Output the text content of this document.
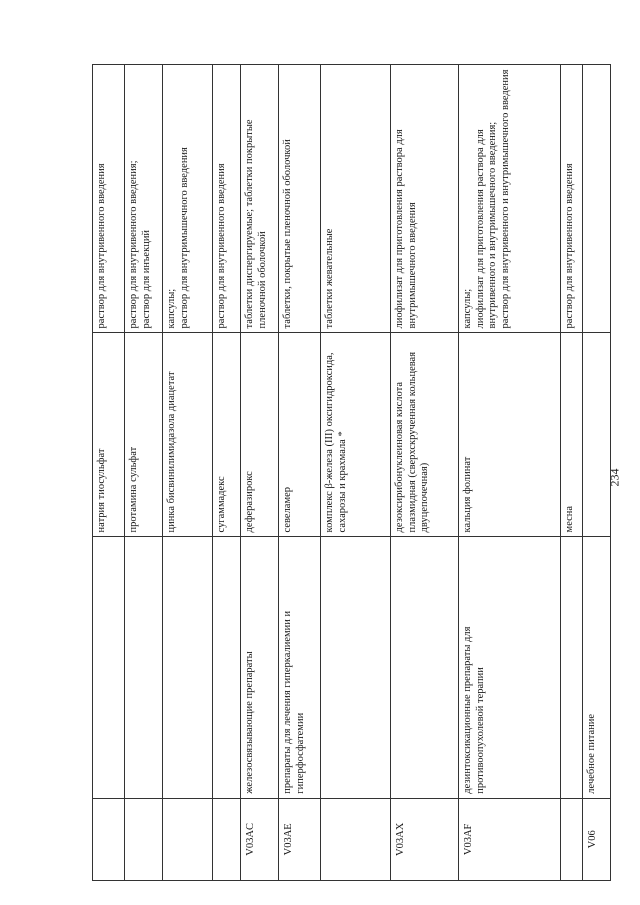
		натрия тиосульфат	раствор для внутривенного введения
		протамина сульфат	раствор для внутривенного введения;
раствор для инъекций
		цинка бисвинилимидазола диацетат	капсулы;
раствор для внутримышечного введения
		сугаммадекс	раствор для внутривенного введения
V03AC	железосвязывающие препараты	деферазирокс	таблетки диспергируемые; таблетки покрытые пленочной оболочкой
V03AE	препараты для лечения гиперкалиемии и гиперфосфатемии	севеламер	таблетки, покрытые пленочной оболочкой
		комплекс β-железа (III) оксигидроксида, сахарозы и крахмала *	таблетки жевательные
V03AX		дезоксирибонуклеиновая кислота плазмидная (сверхскрученная кольцевая двуцепочечная)	лиофилизат для приготовления раствора для внутримышечного введения
V03AF	дезинтоксикационные препараты для противоопухолевой терапии	кальция фолинат	капсулы;
лиофилизат для приготовления раствора для внутривенного и внутримышечного введения;
раствор для внутривенного и внутримышечного введения
		месна	раствор для внутривенного введения
V06	лечебное питание		
234
